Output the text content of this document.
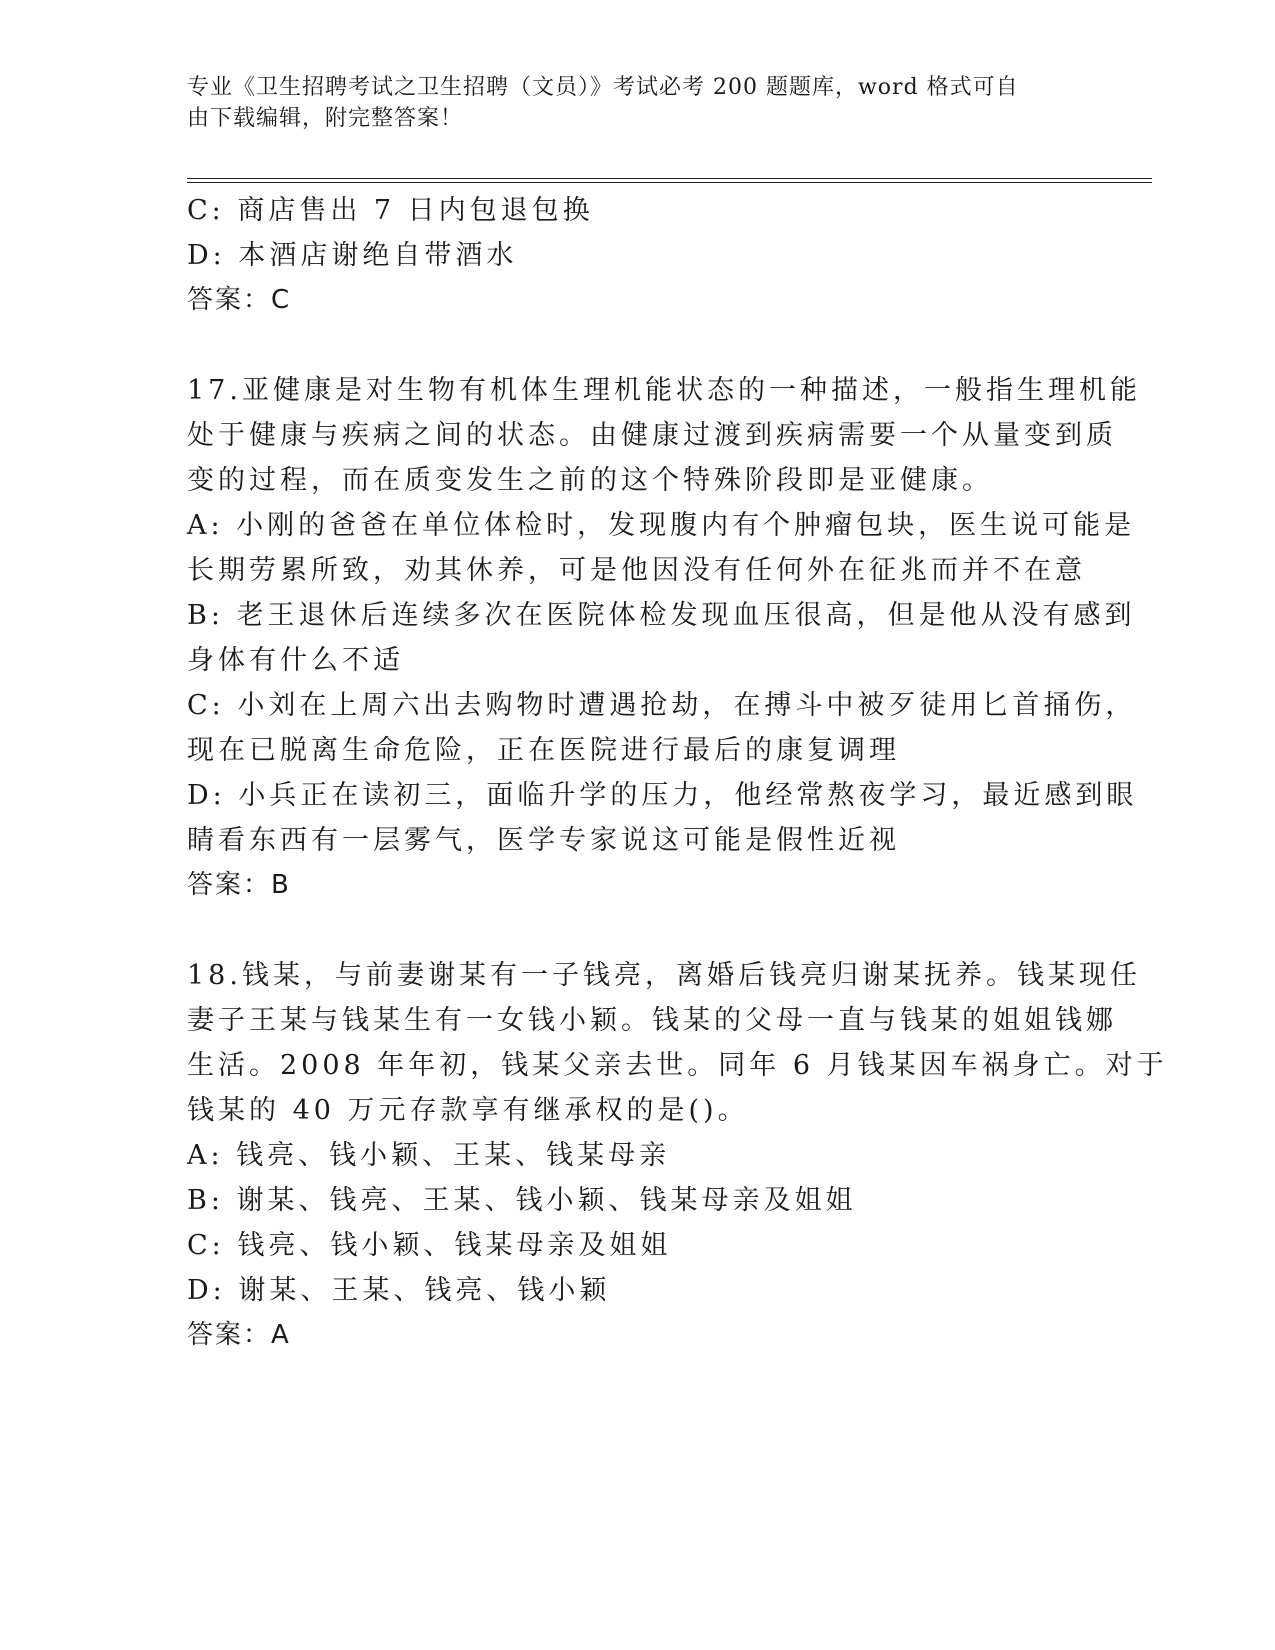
专业《卫生招聘考试之卫生招聘（文员）》考试必考 200 题题库，word 格式可自
由下载编辑，附完整答案！
C: 商店售出 7 日内包退包换
D: 本酒店谢绝自带酒水
答案：C
17.亚健康是对生物有机体生理机能状态的一种描述，一般指生理机能
处于健康与疾病之间的状态。由健康过渡到疾病需要一个从量变到质
变的过程，而在质变发生之前的这个特殊阶段即是亚健康。
A: 小刚的爸爸在单位体检时，发现腹内有个肿瘤包块，医生说可能是
长期劳累所致，劝其休养，可是他因没有任何外在征兆而并不在意
B: 老王退休后连续多次在医院体检发现血压很高，但是他从没有感到
身体有什么不适
C: 小刘在上周六出去购物时遭遇抢劫，在搏斗中被歹徒用匕首捅伤，
现在已脱离生命危险，正在医院进行最后的康复调理
D: 小兵正在读初三，面临升学的压力，他经常熬夜学习，最近感到眼
睛看东西有一层雾气，医学专家说这可能是假性近视
答案：B
18.钱某，与前妻谢某有一子钱亮，离婚后钱亮归谢某抚养。钱某现任
妻子王某与钱某生有一女钱小颖。钱某的父母一直与钱某的姐姐钱娜
生活。2008 年年初，钱某父亲去世。同年 6 月钱某因车祸身亡。对于
钱某的 40 万元存款享有继承权的是()。
A: 钱亮、钱小颖、王某、钱某母亲
B: 谢某、钱亮、王某、钱小颖、钱某母亲及姐姐
C: 钱亮、钱小颖、钱某母亲及姐姐
D: 谢某、王某、钱亮、钱小颖
答案：A
